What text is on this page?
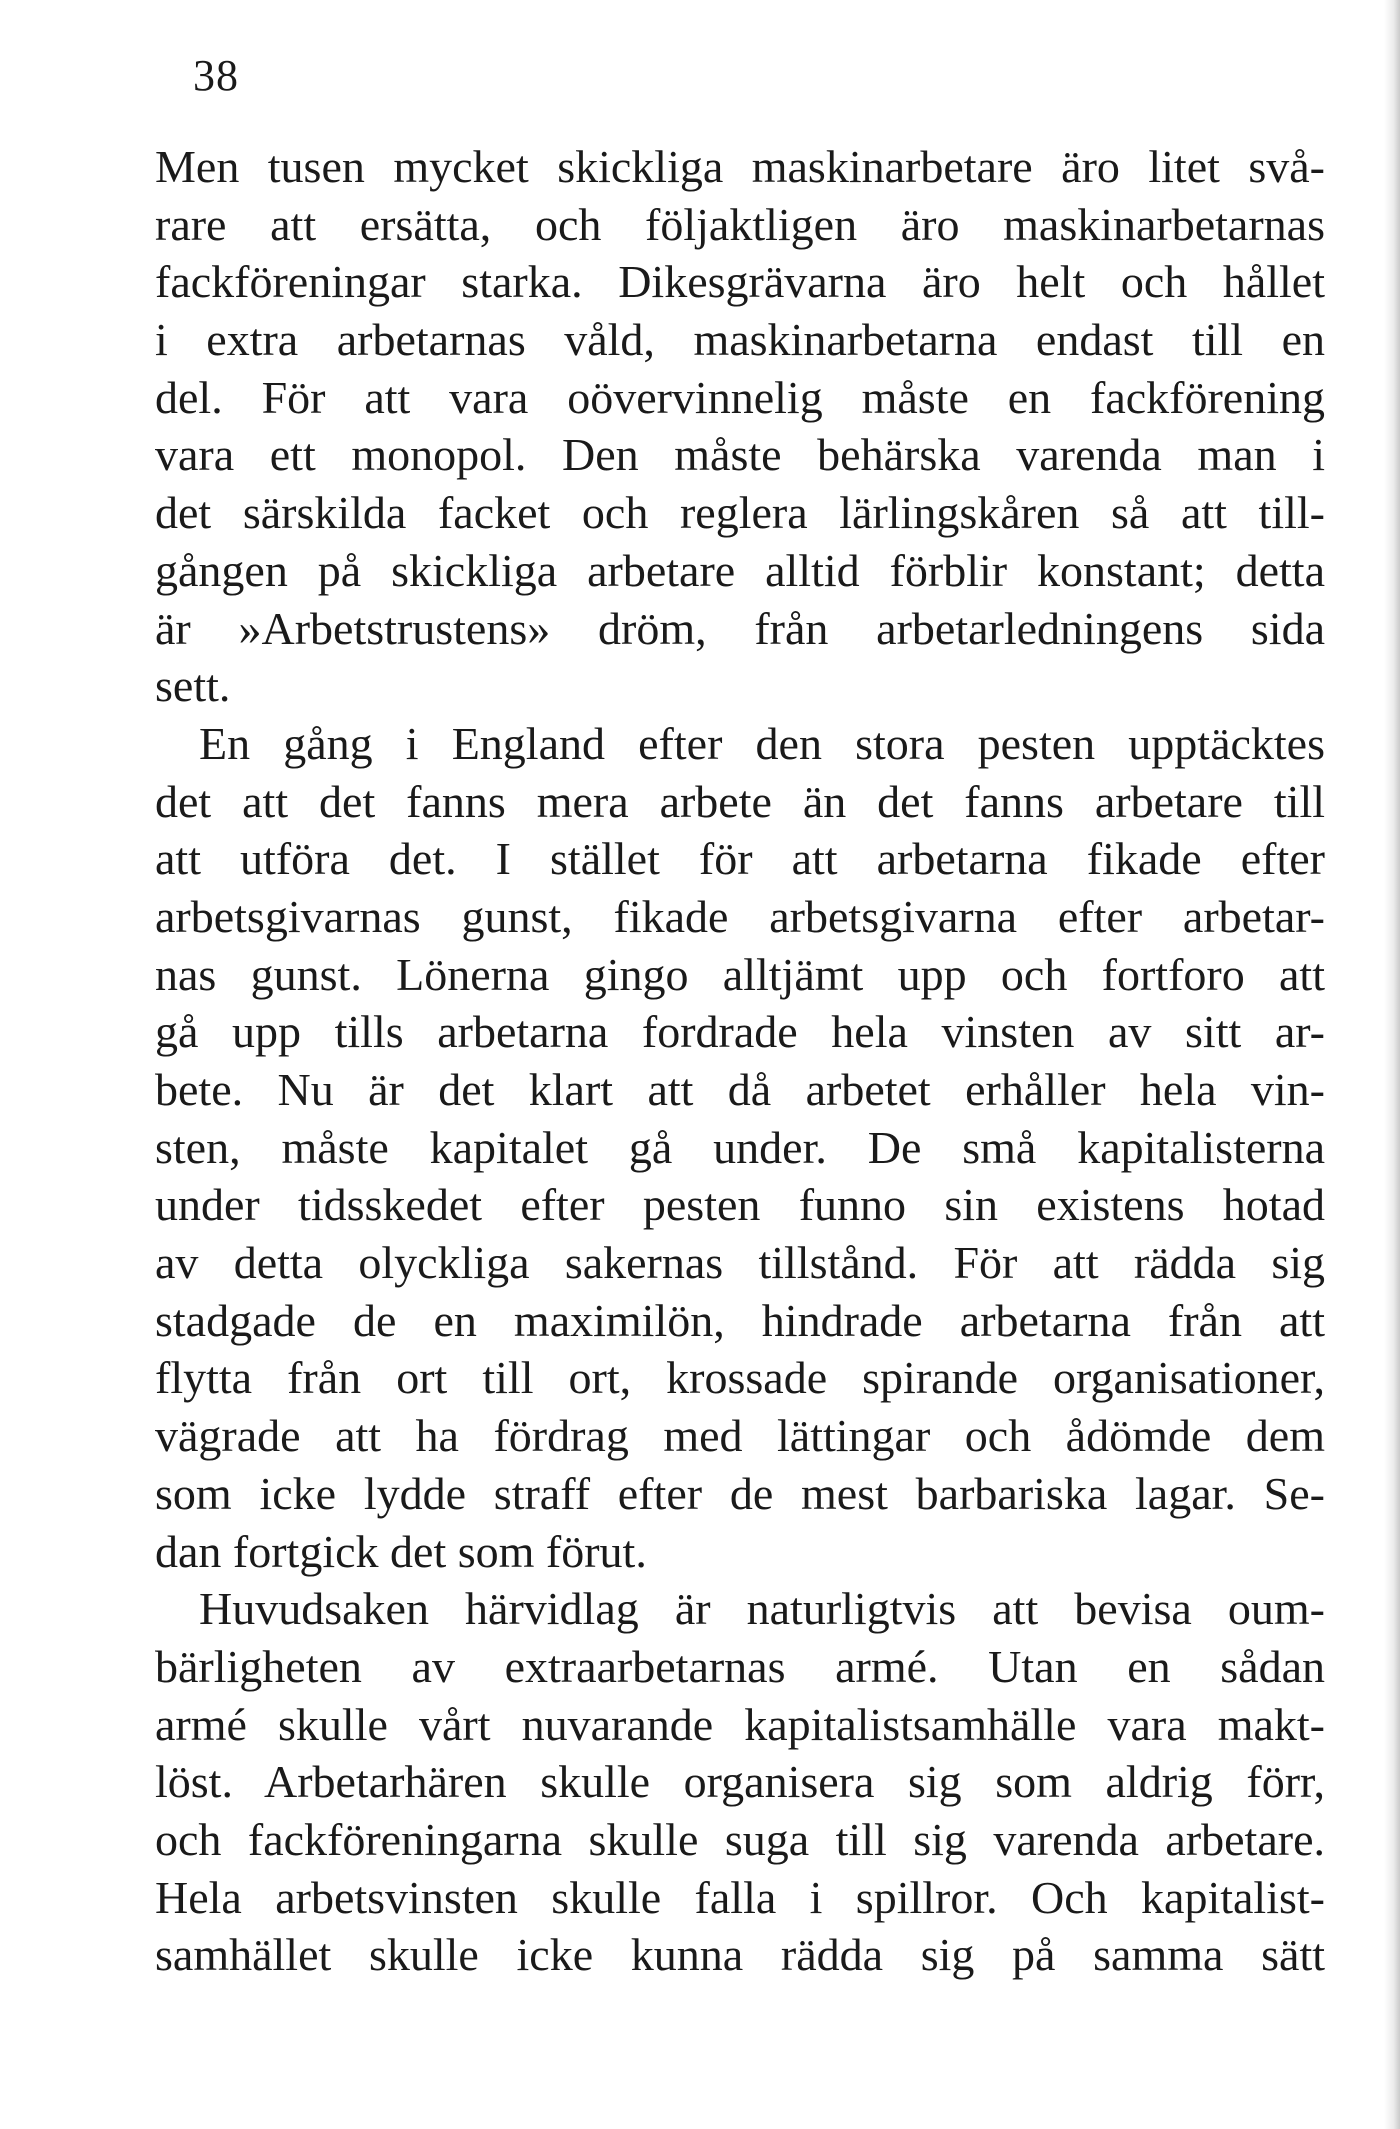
38
Men tusen mycket skickliga maskinarbetare äro litet svå-
rare att ersätta, och följaktligen äro maskinarbetarnas
fackföreningar starka. Dikesgrävarna äro helt och hållet
i extra arbetarnas våld, maskinarbetarna endast till en
del. För att vara oövervinnelig måste en fackförening
vara ett monopol. Den måste behärska varenda man i
det särskilda facket och reglera lärlingskåren så att till-
gången på skickliga arbetare alltid förblir konstant; detta
är »Arbetstrustens» dröm, från arbetarledningens sida
sett.
En gång i England efter den stora pesten upptäcktes
det att det fanns mera arbete än det fanns arbetare till
att utföra det. I stället för att arbetarna fikade efter
arbetsgivarnas gunst, fikade arbetsgivarna efter arbetar-
nas gunst. Lönerna gingo alltjämt upp och fortforo att
gå upp tills arbetarna fordrade hela vinsten av sitt ar-
bete. Nu är det klart att då arbetet erhåller hela vin-
sten, måste kapitalet gå under. De små kapitalisterna
under tidsskedet efter pesten funno sin existens hotad
av detta olyckliga sakernas tillstånd. För att rädda sig
stadgade de en maximilön, hindrade arbetarna från att
flytta från ort till ort, krossade spirande organisationer,
vägrade att ha fördrag med lättingar och ådömde dem
som icke lydde straff efter de mest barbariska lagar. Se-
dan fortgick det som förut.
Huvudsaken härvidlag är naturligtvis att bevisa oum-
bärligheten av extraarbetarnas armé. Utan en sådan
armé skulle vårt nuvarande kapitalistsamhälle vara makt-
löst. Arbetarhären skulle organisera sig som aldrig förr,
och fackföreningarna skulle suga till sig varenda arbetare.
Hela arbetsvinsten skulle falla i spillror. Och kapitalist-
samhället skulle icke kunna rädda sig på samma sätt
